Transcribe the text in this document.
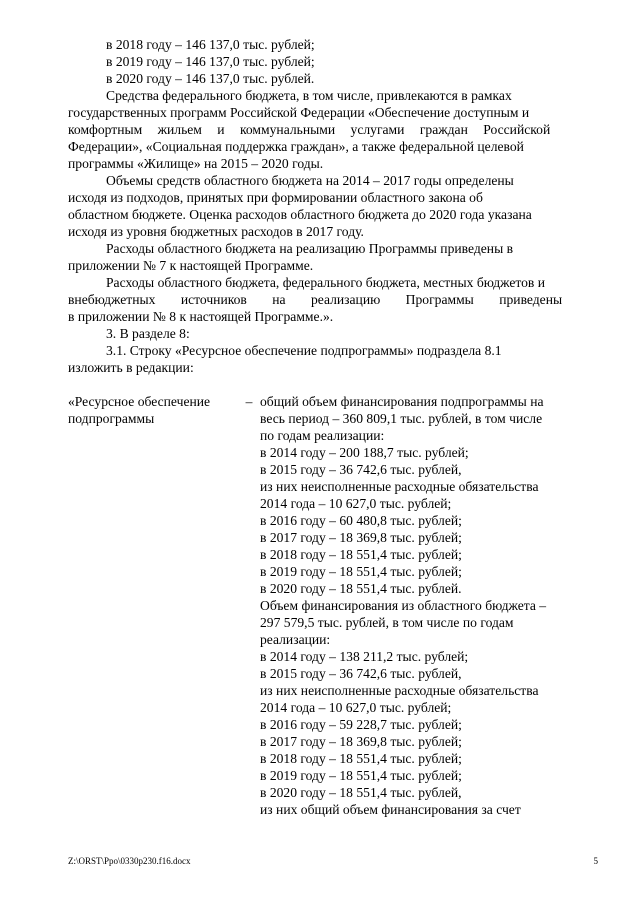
в 2018 году – 146 137,0 тыс. рублей;
в 2019 году – 146 137,0 тыс. рублей;
в 2020 году – 146 137,0 тыс. рублей.
Средства федерального бюджета, в том числе, привлекаются в рамках
государственных программ Российской Федерации «Обеспечение доступным и
комфортным жильем и коммунальными услугами граждан Российской
Федерации», «Социальная поддержка граждан», а также федеральной целевой
программы «Жилище» на 2015 – 2020 годы.
Объемы средств областного бюджета на 2014 – 2017 годы определены
исходя из подходов, принятых при формировании областного закона об
областном бюджете. Оценка расходов областного бюджета до 2020 года указана
исходя из уровня бюджетных расходов в 2017 году.
Расходы областного бюджета на реализацию Программы приведены в
приложении № 7 к настоящей Программе.
Расходы областного бюджета, федерального бюджета, местных бюджетов и
внебюджетных источников на реализацию Программы приведены
в приложении № 8 к настоящей Программе.».
3. В разделе 8:
3.1. Строку «Ресурсное обеспечение подпрограммы» подраздела 8.1
изложить в редакции:
«Ресурсное обеспечение
подпрограммы
– общий объем финансирования подпрограммы на
весь период – 360 809,1 тыс. рублей, в том числе
по годам реализации:
в 2014 году – 200 188,7 тыс. рублей;
в 2015 году – 36 742,6 тыс. рублей,
из них неисполненные расходные обязательства
2014 года – 10 627,0 тыс. рублей;
в 2016 году – 60 480,8 тыс. рублей;
в 2017 году – 18 369,8 тыс. рублей;
в 2018 году – 18 551,4 тыс. рублей;
в 2019 году – 18 551,4 тыс. рублей;
в 2020 году – 18 551,4 тыс. рублей.
Объем финансирования из областного бюджета –
297 579,5 тыс. рублей, в том числе по годам
реализации:
в 2014 году – 138 211,2 тыс. рублей;
в 2015 году – 36 742,6 тыс. рублей,
из них неисполненные расходные обязательства
2014 года – 10 627,0 тыс. рублей;
в 2016 году – 59 228,7 тыс. рублей;
в 2017 году – 18 369,8 тыс. рублей;
в 2018 году – 18 551,4 тыс. рублей;
в 2019 году – 18 551,4 тыс. рублей;
в 2020 году – 18 551,4 тыс. рублей,
из них общий объем финансирования за счет
Z:\ORST\Ppo\0330p230.f16.docx	5
